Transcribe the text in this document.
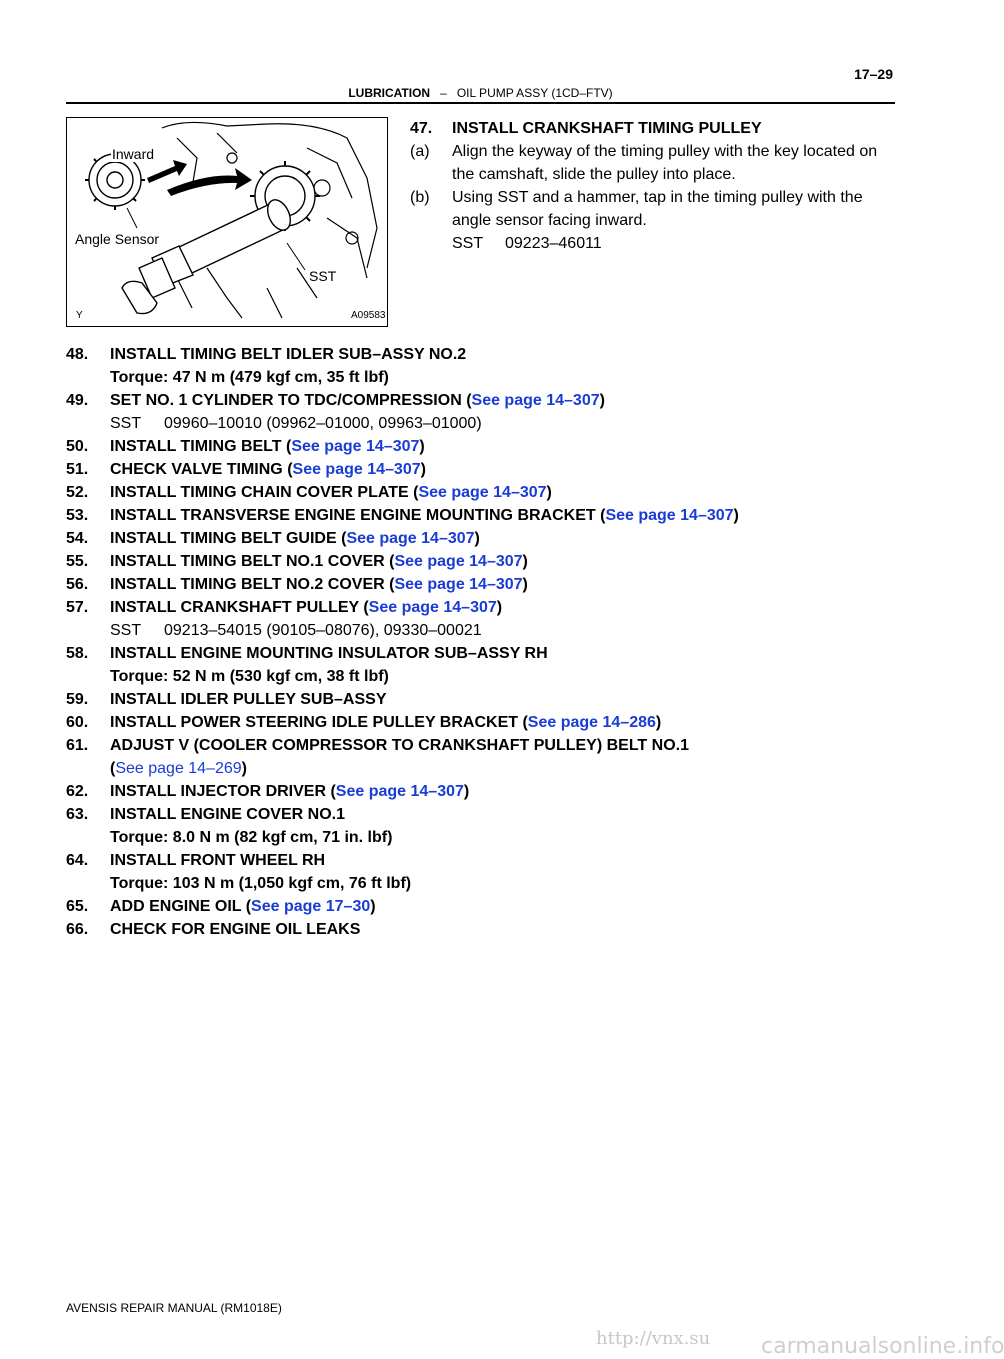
LUBRICATION – OIL PUMP ASSY (1CD–FTV)
17–29
Inward
Angle Sensor
SST
Y	A09583
47.	INSTALL CRANKSHAFT TIMING PULLEY
(a)	Align the keyway of the timing pulley with the key located on the camshaft, slide the pulley into place.
(b)	Using SST and a hammer, tap in the timing pulley with the angle sensor facing inward.
SST 09223–46011
48. INSTALL TIMING BELT IDLER SUB–ASSY NO.2
Torque: 47 N m (479 kgf cm, 35 ft lbf)
49. SET NO. 1 CYLINDER TO TDC/COMPRESSION (See page 14–307)
SST 09960–10010 (09962–01000, 09963–01000)
50. INSTALL TIMING BELT (See page 14–307)
51. CHECK VALVE TIMING (See page 14–307)
52. INSTALL TIMING CHAIN COVER PLATE (See page 14–307)
53. INSTALL TRANSVERSE ENGINE ENGINE MOUNTING BRACKET (See page 14–307)
54. INSTALL TIMING BELT GUIDE (See page 14–307)
55. INSTALL TIMING BELT NO.1 COVER (See page 14–307)
56. INSTALL TIMING BELT NO.2 COVER (See page 14–307)
57. INSTALL CRANKSHAFT PULLEY (See page 14–307)
SST 09213–54015 (90105–08076), 09330–00021
58. INSTALL ENGINE MOUNTING INSULATOR SUB–ASSY RH
Torque: 52 N m (530 kgf cm, 38 ft lbf)
59. INSTALL IDLER PULLEY SUB–ASSY
60. INSTALL POWER STEERING IDLE PULLEY BRACKET (See page 14–286)
61. ADJUST V (COOLER COMPRESSOR TO CRANKSHAFT PULLEY) BELT NO.1
(See page 14–269)
62. INSTALL INJECTOR DRIVER (See page 14–307)
63. INSTALL ENGINE COVER NO.1
Torque: 8.0 N m (82 kgf cm, 71 in. lbf)
64. INSTALL FRONT WHEEL RH
Torque: 103 N m (1,050 kgf cm, 76 ft lbf)
65. ADD ENGINE OIL (See page 17–30)
66. CHECK FOR ENGINE OIL LEAKS
AVENSIS REPAIR MANUAL (RM1018E)
http://vnx.su carmanualsonline.info
